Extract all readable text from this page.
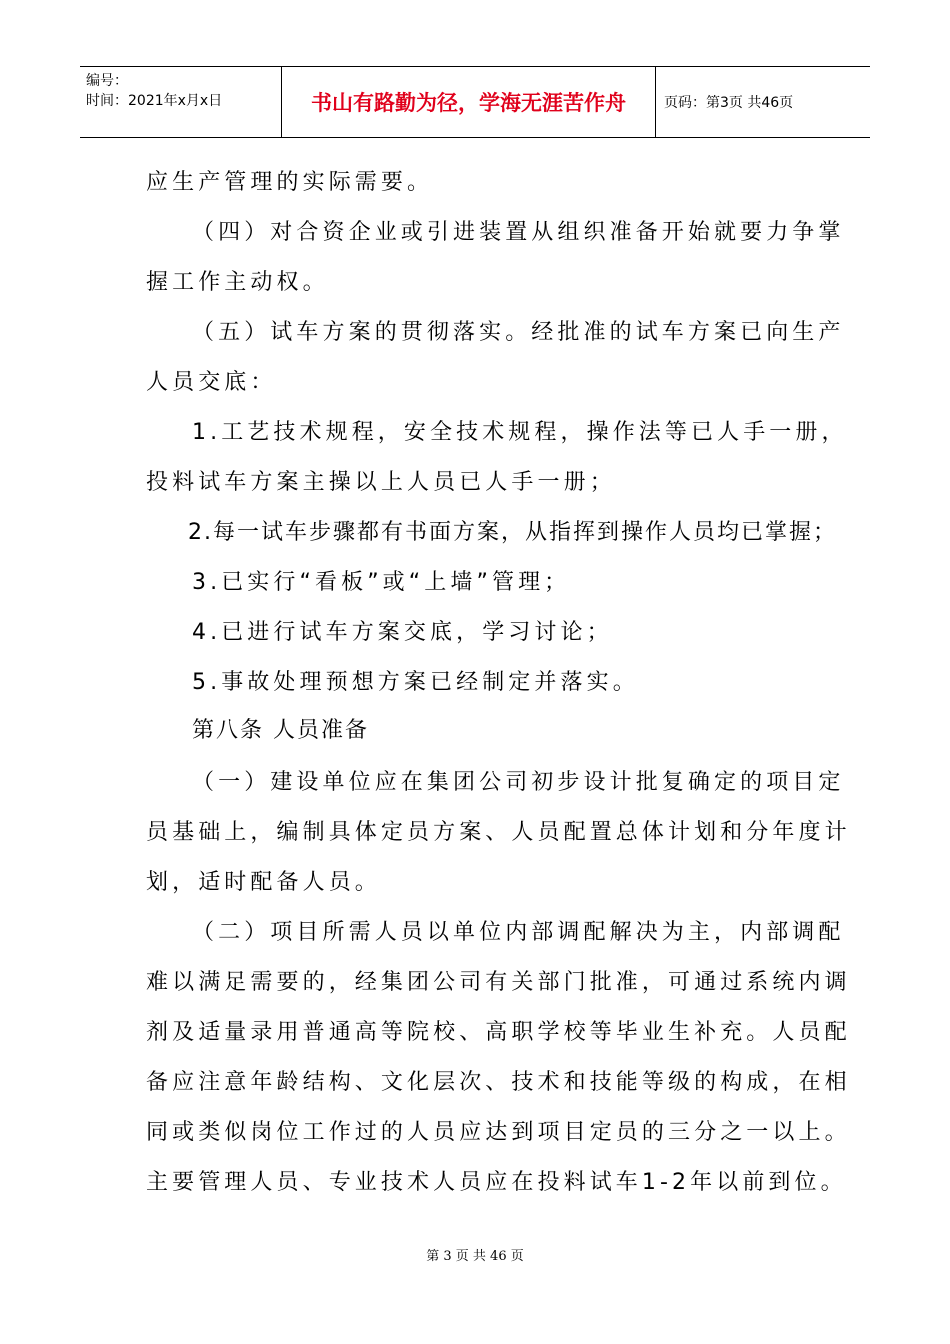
编号：
时间：2021年x月x日	书山有路勤为径，学海无涯苦作舟	页码：第3页 共46页
应生产管理的实际需要。
（四）对合资企业或引进装置从组织准备开始就要力争掌
握工作主动权。
（五）试车方案的贯彻落实。经批准的试车方案已向生产
人员交底：
1.工艺技术规程，安全技术规程，操作法等已人手一册，
投料试车方案主操以上人员已人手一册；
2.每一试车步骤都有书面方案，从指挥到操作人员均已掌握；
3.已实行“看板”或“上墙”管理；
4.已进行试车方案交底，学习讨论；
5.事故处理预想方案已经制定并落实。
第八条 人员准备
（一）建设单位应在集团公司初步设计批复确定的项目定
员基础上，编制具体定员方案、人员配置总体计划和分年度计
划，适时配备人员。
（二）项目所需人员以单位内部调配解决为主，内部调配
难以满足需要的，经集团公司有关部门批准，可通过系统内调
剂及适量录用普通高等院校、高职学校等毕业生补充。人员配
备应注意年龄结构、文化层次、技术和技能等级的构成，在相
同或类似岗位工作过的人员应达到项目定员的三分之一以上。
主要管理人员、专业技术人员应在投料试车1-2年以前到位。
第 3 页 共 46 页
